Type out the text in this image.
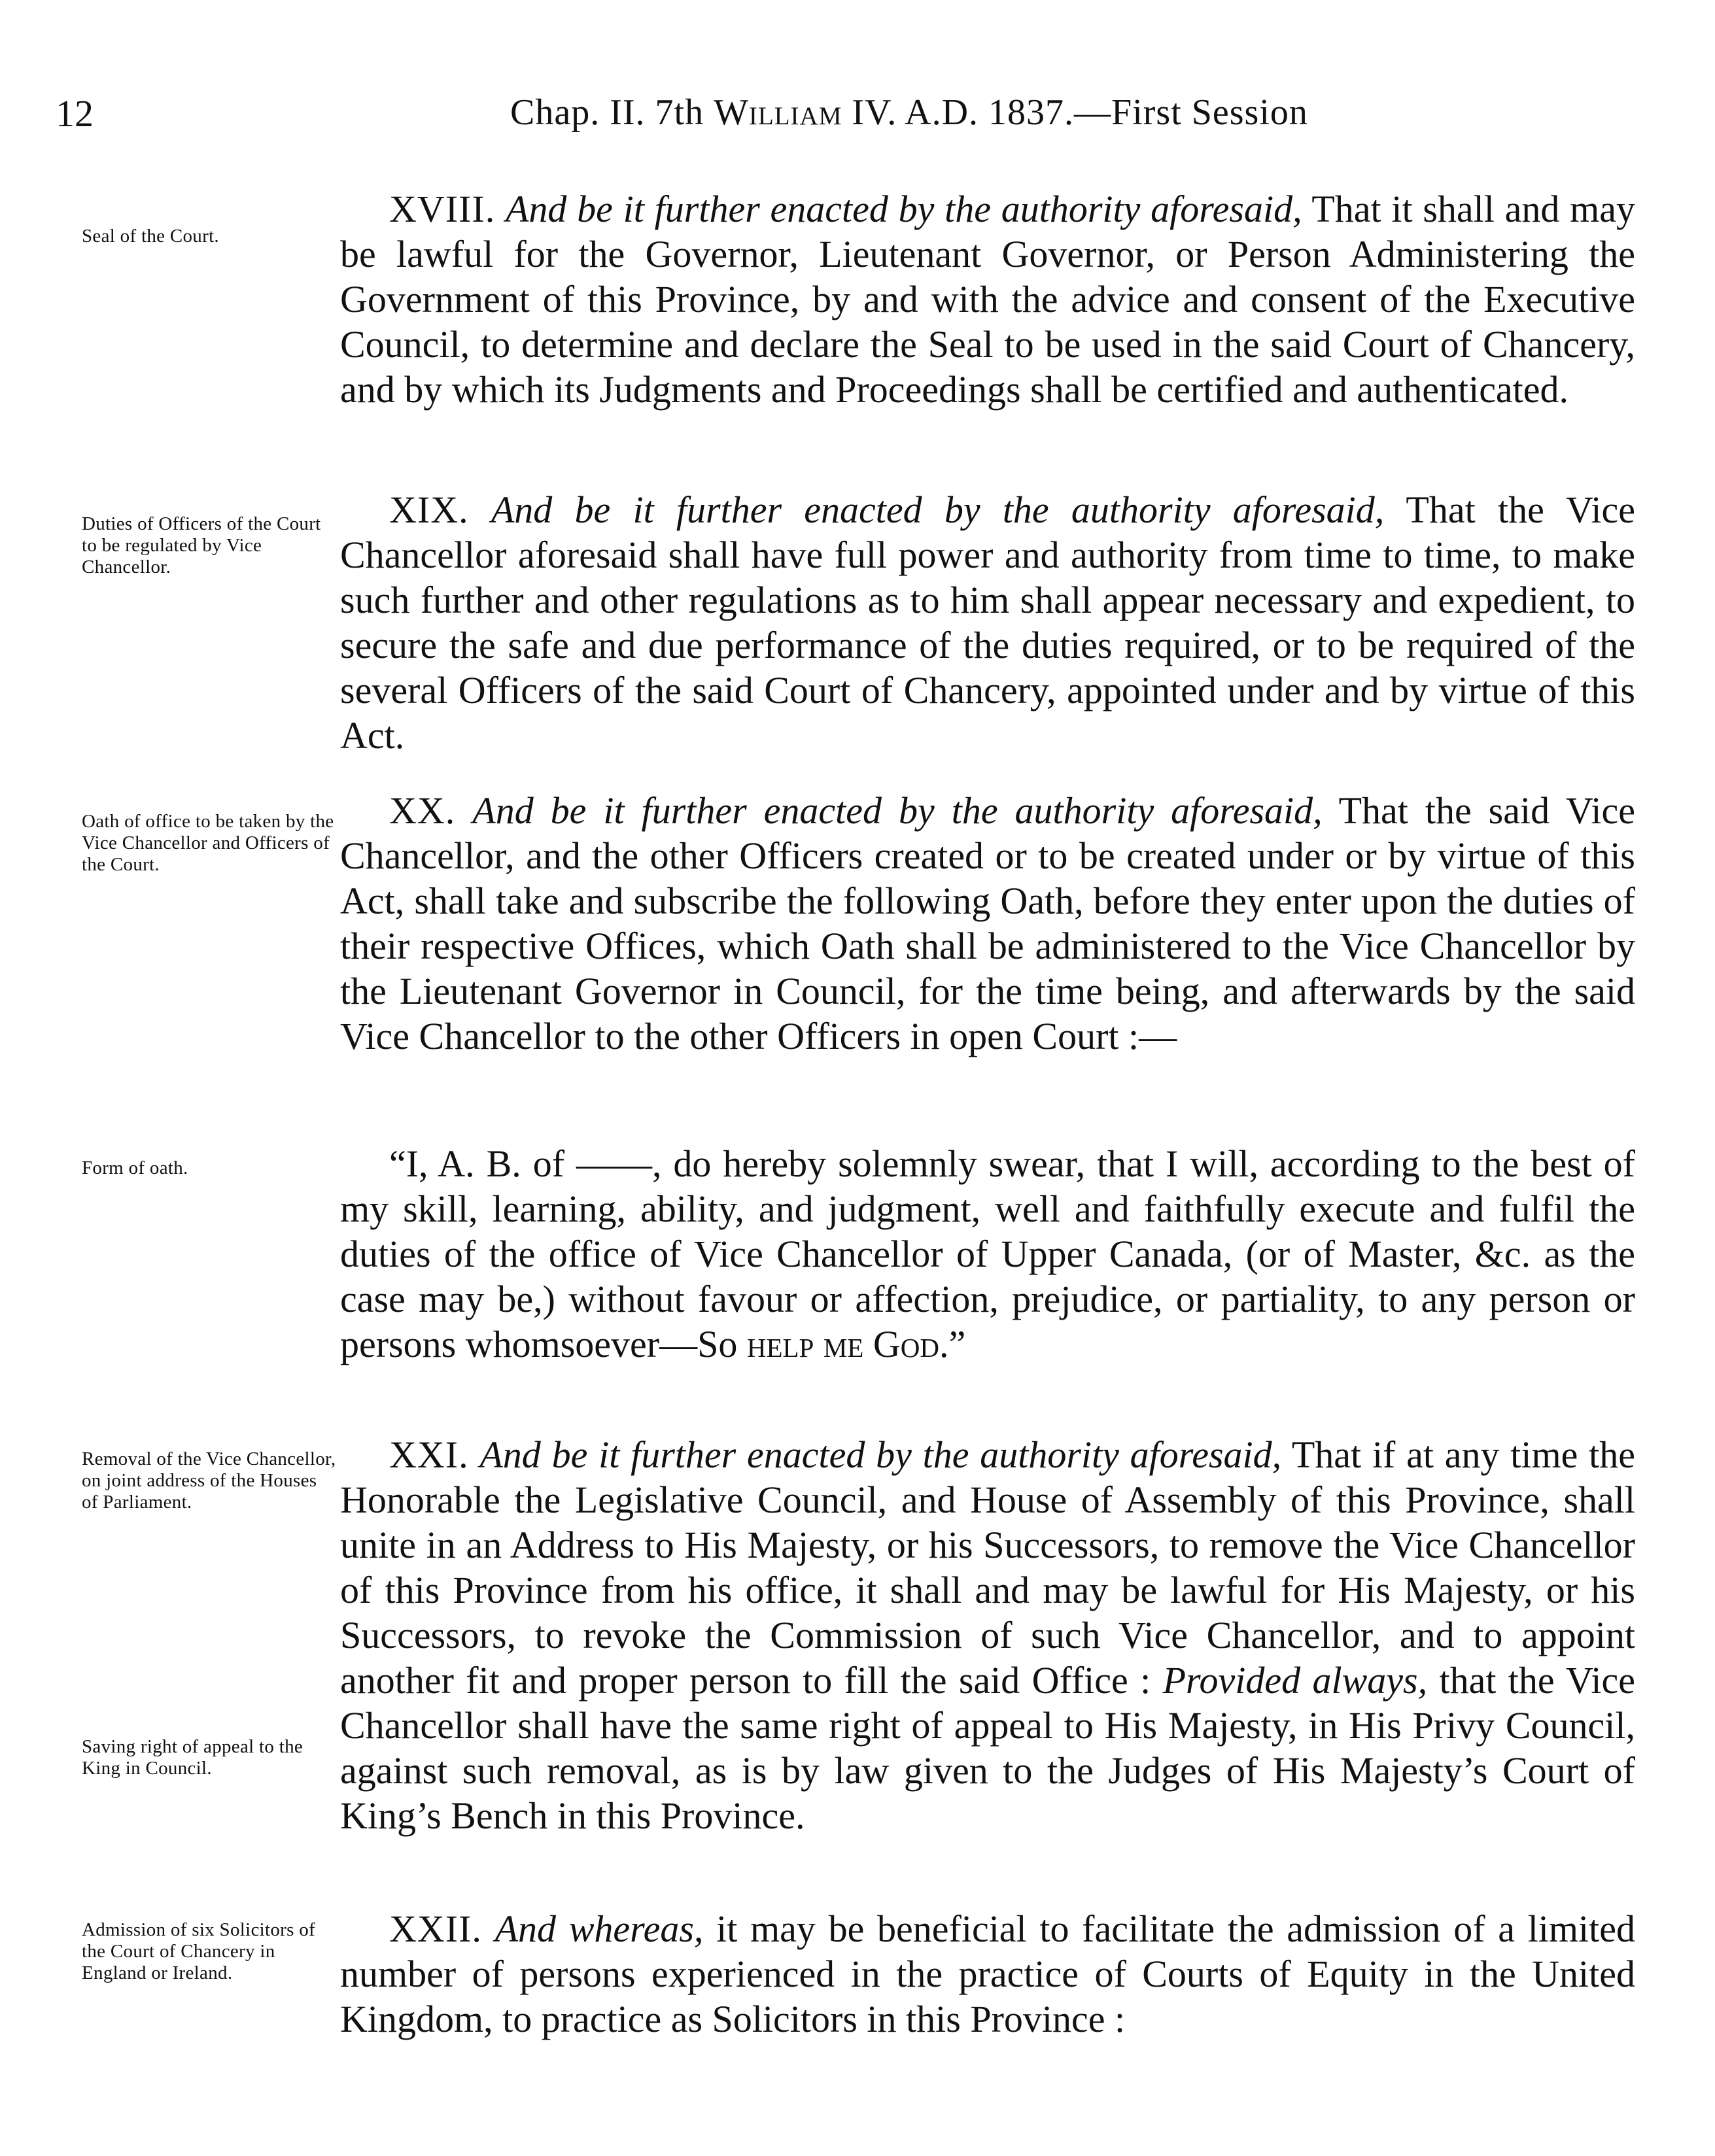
12	Chap. II. 7th William IV. A.D. 1837.—First Session
Seal of the Court.
Duties of Officers of the Court to be regulated by Vice Chancellor.
Oath of office to be taken by the Vice Chancellor and Officers of the Court.
Form of oath.
Removal of the Vice Chancellor, on joint address of the Houses of Parliament.
Saving right of appeal to the King in Council.
Admission of six Solicitors of the Court of Chancery in England or Ireland.

XVIII. And be it further enacted by the authority aforesaid, That it shall and may be lawful for the Governor, Lieutenant Governor, or Person Administering the Government of this Province, by and with the advice and consent of the Executive Council, to determine and declare the Seal to be used in the said Court of Chancery, and by which its Judgments and Proceedings shall be certified and authenticated.

XIX. And be it further enacted by the authority aforesaid, That the Vice Chancellor aforesaid shall have full power and authority from time to time, to make such further and other regulations as to him shall appear necessary and expedient, to secure the safe and due performance of the duties required, or to be required of the several Officers of the said Court of Chancery, appointed under and by virtue of this Act.

XX. And be it further enacted by the authority aforesaid, That the said Vice Chancellor, and the other Officers created or to be created under or by virtue of this Act, shall take and subscribe the following Oath, before they enter upon the duties of their respective Offices, which Oath shall be administered to the Vice Chancellor by the Lieutenant Governor in Council, for the time being, and afterwards by the said Vice Chancellor to the other Officers in open Court :—

“I, A. B. of ——, do hereby solemnly swear, that I will, according to the best of my skill, learning, ability, and judgment, well and faithfully execute and fulfil the duties of the office of Vice Chancellor of Upper Canada, (or of Master, &c. as the case may be,) without favour or affection, prejudice, or partiality, to any person or persons whomsoever—So help me God.”

XXI. And be it further enacted by the authority aforesaid, That if at any time the Honorable the Legislative Council, and House of Assembly of this Province, shall unite in an Address to His Majesty, or his Successors, to remove the Vice Chancellor of this Province from his office, it shall and may be lawful for His Majesty, or his Successors, to revoke the Commission of such Vice Chancellor, and to appoint another fit and proper person to fill the said Office : Provided always, that the Vice Chancellor shall have the same right of appeal to His Majesty, in His Privy Council, against such removal, as is by law given to the Judges of His Majesty’s Court of King’s Bench in this Province.

XXII. And whereas, it may be beneficial to facilitate the admission of a limited number of persons experienced in the practice of Courts of Equity in the United Kingdom, to practice as Solicitors in this Province :
